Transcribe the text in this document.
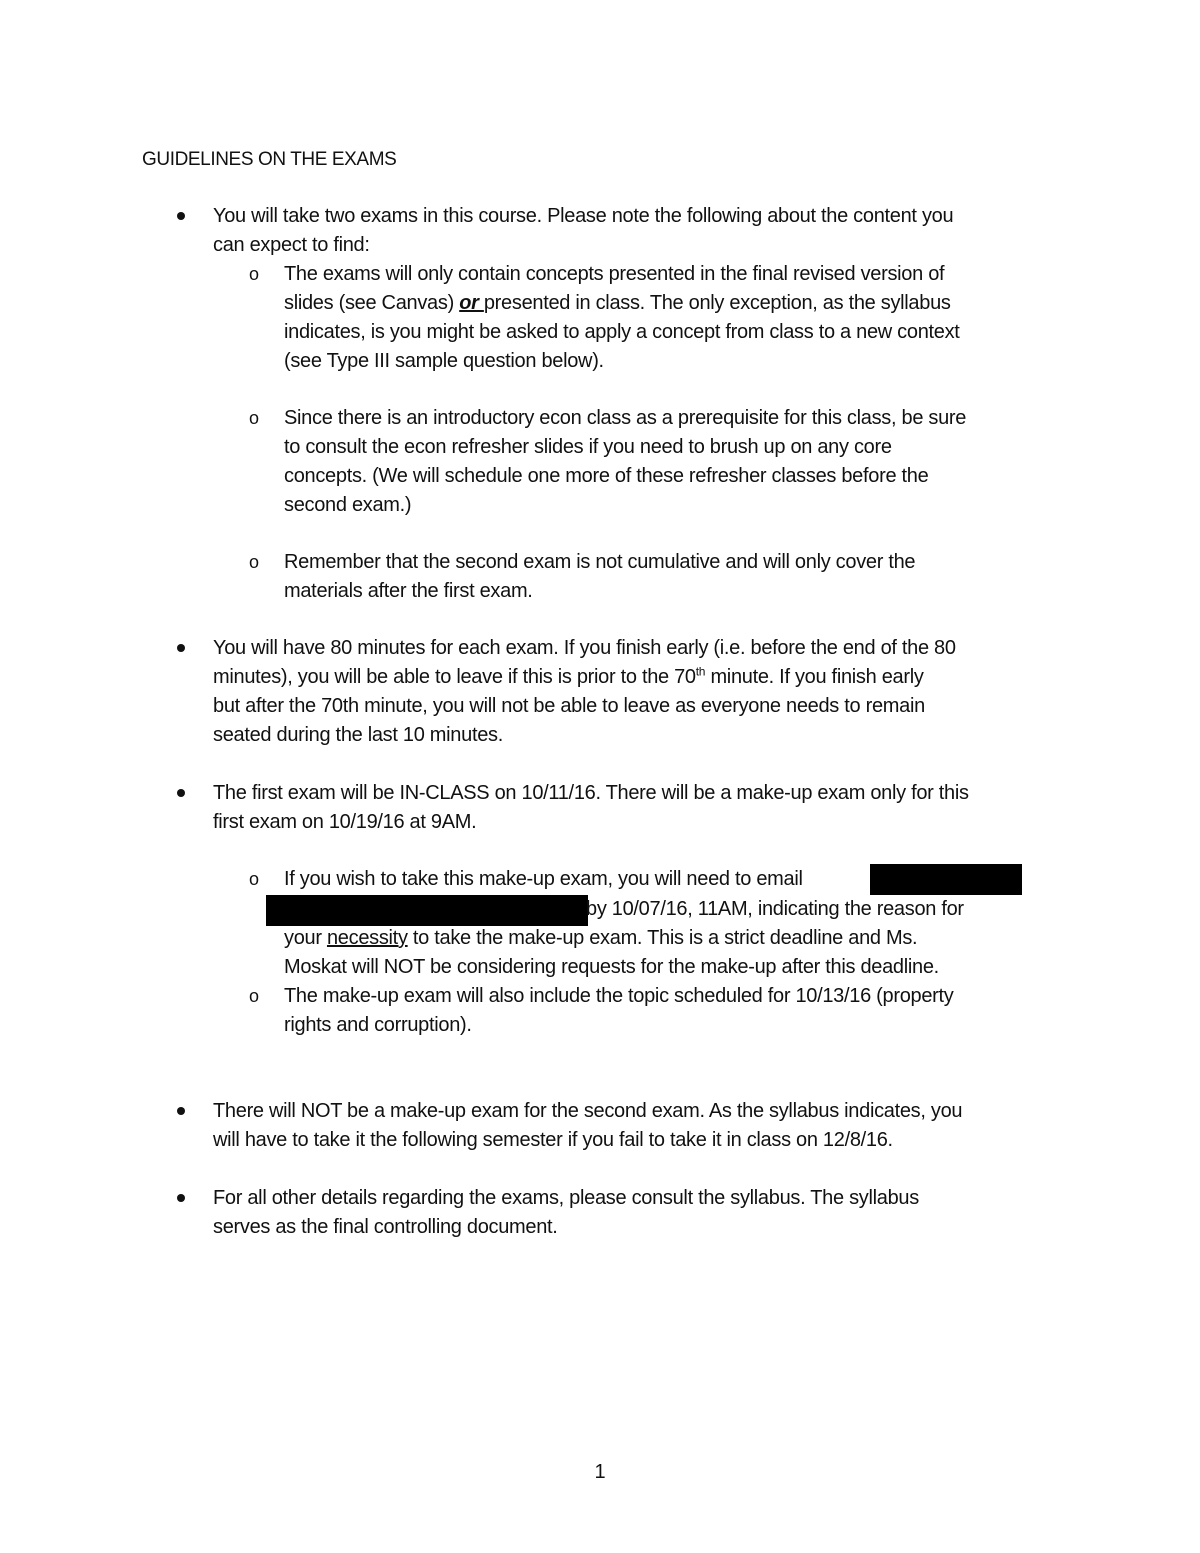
GUIDELINES ON THE EXAMS
You will take two exams in this course. Please note the following about the content you
can expect to find:
o The exams will only contain concepts presented in the final revised version of
slides (see Canvas) or presented in class. The only exception, as the syllabus
indicates, is you might be asked to apply a concept from class to a new context
(see Type III sample question below).
o Since there is an introductory econ class as a prerequisite for this class, be sure
to consult the econ refresher slides if you need to brush up on any core
concepts. (We will schedule one more of these refresher classes before the
second exam.)
o Remember that the second exam is not cumulative and will only cover the
materials after the first exam.
You will have 80 minutes for each exam. If you finish early (i.e. before the end of the 80
minutes), you will be able to leave if this is prior to the 70th minute. If you finish early
but after the 70th minute, you will not be able to leave as everyone needs to remain
seated during the last 10 minutes.
The first exam will be IN-CLASS on 10/11/16. There will be a make-up exam only for this
first exam on 10/19/16 at 9AM.
o If you wish to take this make-up exam, you will need to email
by 10/07/16, 11AM, indicating the reason for
your necessity to take the make-up exam. This is a strict deadline and Ms.
Moskat will NOT be considering requests for the make-up after this deadline.
o The make-up exam will also include the topic scheduled for 10/13/16 (property
rights and corruption).
There will NOT be a make-up exam for the second exam. As the syllabus indicates, you
will have to take it the following semester if you fail to take it in class on 12/8/16.
For all other details regarding the exams, please consult the syllabus. The syllabus
serves as the final controlling document.
1
